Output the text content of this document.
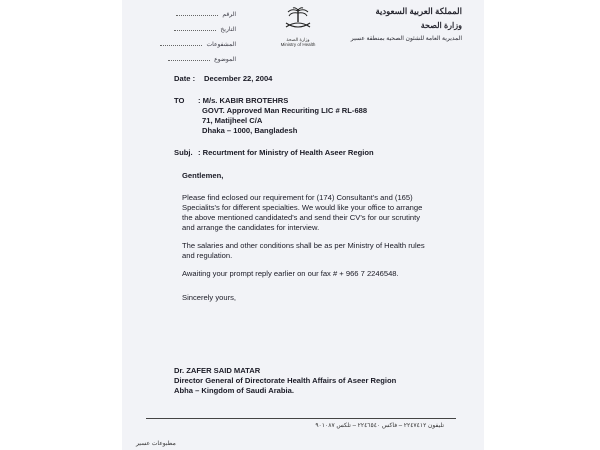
الرقم
التاريخ
المشفوعات
الموضوع
وزارة الصحة
Ministry of Health
المملكة العربية السعودية
وزارة الصحة
المديرية العامة للشئون الصحية بمنطقة عسير
Date : December 22, 2004
TO : M/s. KABIR BROTEHRS
GOVT. Approved Man Recuriting LIC # RL-688
71, Matijheel C/A
Dhaka – 1000, Bangladesh
Subj. : Recurtment for Ministry of Health Aseer Region
Gentlemen,
Please find eclosed our requirement for (174) Consultant's and (165) Specialits's for different specialties. We would like your office to arrange the above mentioned candidated's and send their CV's for our scrutinty and arrange the candidates for interview.
The salaries and other conditions shall be as per Ministry of Health rules and regulation.
Awaiting your prompt reply earlier on our fax # + 966 7 2246548.
Sincerely yours,
Dr. ZAFER SAID MATAR
Director General of Directorate Health Affairs of Aseer Region
Abha – Kingdom of Saudi Arabia.
تليفون ٢٢٤٧٤١٢ – فاكس ٢٢٤٦٥٤٠ – تلكس ٩٠١٠٨٧
مطبوعات عسير
